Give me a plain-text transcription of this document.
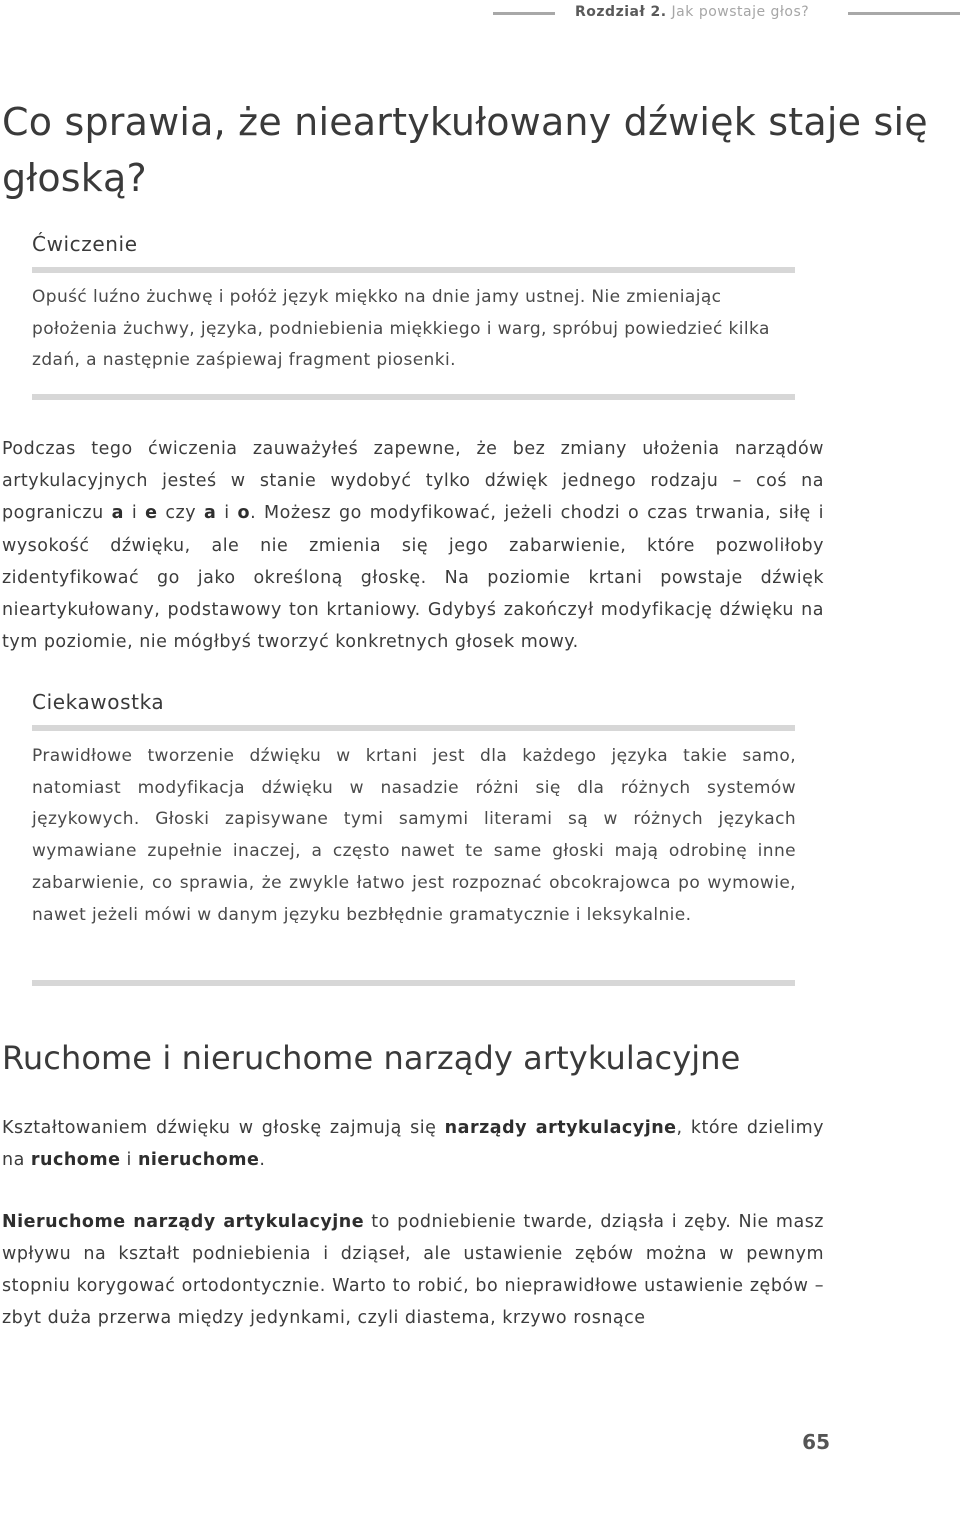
Rozdział 2. Jak powstaje głos?
Co sprawia, że nieartykułowany dźwięk staje się głoską?
Ćwiczenie

Opuść luźno żuchwę i połóż język miękko na dnie jamy ustnej. Nie zmieniając położenia żuchwy, języka, podniebienia miękkiego i warg, spróbuj powiedzieć kilka zdań, a następnie zaśpiewaj fragment piosenki.

Podczas tego ćwiczenia zauważyłeś zapewne, że bez zmiany ułożenia narządów artykulacyjnych jesteś w stanie wydobyć tylko dźwięk jednego rodzaju – coś na pograniczu a i e czy a i o. Możesz go modyfikować, jeżeli chodzi o czas trwania, siłę i wysokość dźwięku, ale nie zmienia się jego zabarwienie, które pozwoliłoby zidentyfikować go jako określoną głoskę. Na poziomie krtani powstaje dźwięk nieartykułowany, podstawowy ton krtaniowy. Gdybyś zakończył modyfikację dźwięku na tym poziomie, nie mógłbyś tworzyć konkretnych głosek mowy.

Ciekawostka

Prawidłowe tworzenie dźwięku w krtani jest dla każdego języka takie samo, natomiast modyfikacja dźwięku w nasadzie różni się dla różnych systemów językowych. Głoski zapisywane tymi samymi literami są w różnych językach wymawiane zupełnie inaczej, a często nawet te same głoski mają odrobinę inne zabarwienie, co sprawia, że zwykle łatwo jest rozpoznać obcokrajowca po wymowie, nawet jeżeli mówi w danym języku bezbłędnie gramatycznie i leksykalnie.

Ruchome i nieruchome narządy artykulacyjne

Kształtowaniem dźwięku w głoskę zajmują się narządy artykulacyjne, które dzielimy na ruchome i nieruchome.

Nieruchome narządy artykulacyjne to podniebienie twarde, dziąsła i zęby. Nie masz wpływu na kształt podniebienia i dziąseł, ale ustawienie zębów można w pewnym stopniu korygować ortodontycznie. Warto to robić, bo nieprawidłowe ustawienie zębów – zbyt duża przerwa między jedynkami, czyli diastema, krzywo rosnące

65
